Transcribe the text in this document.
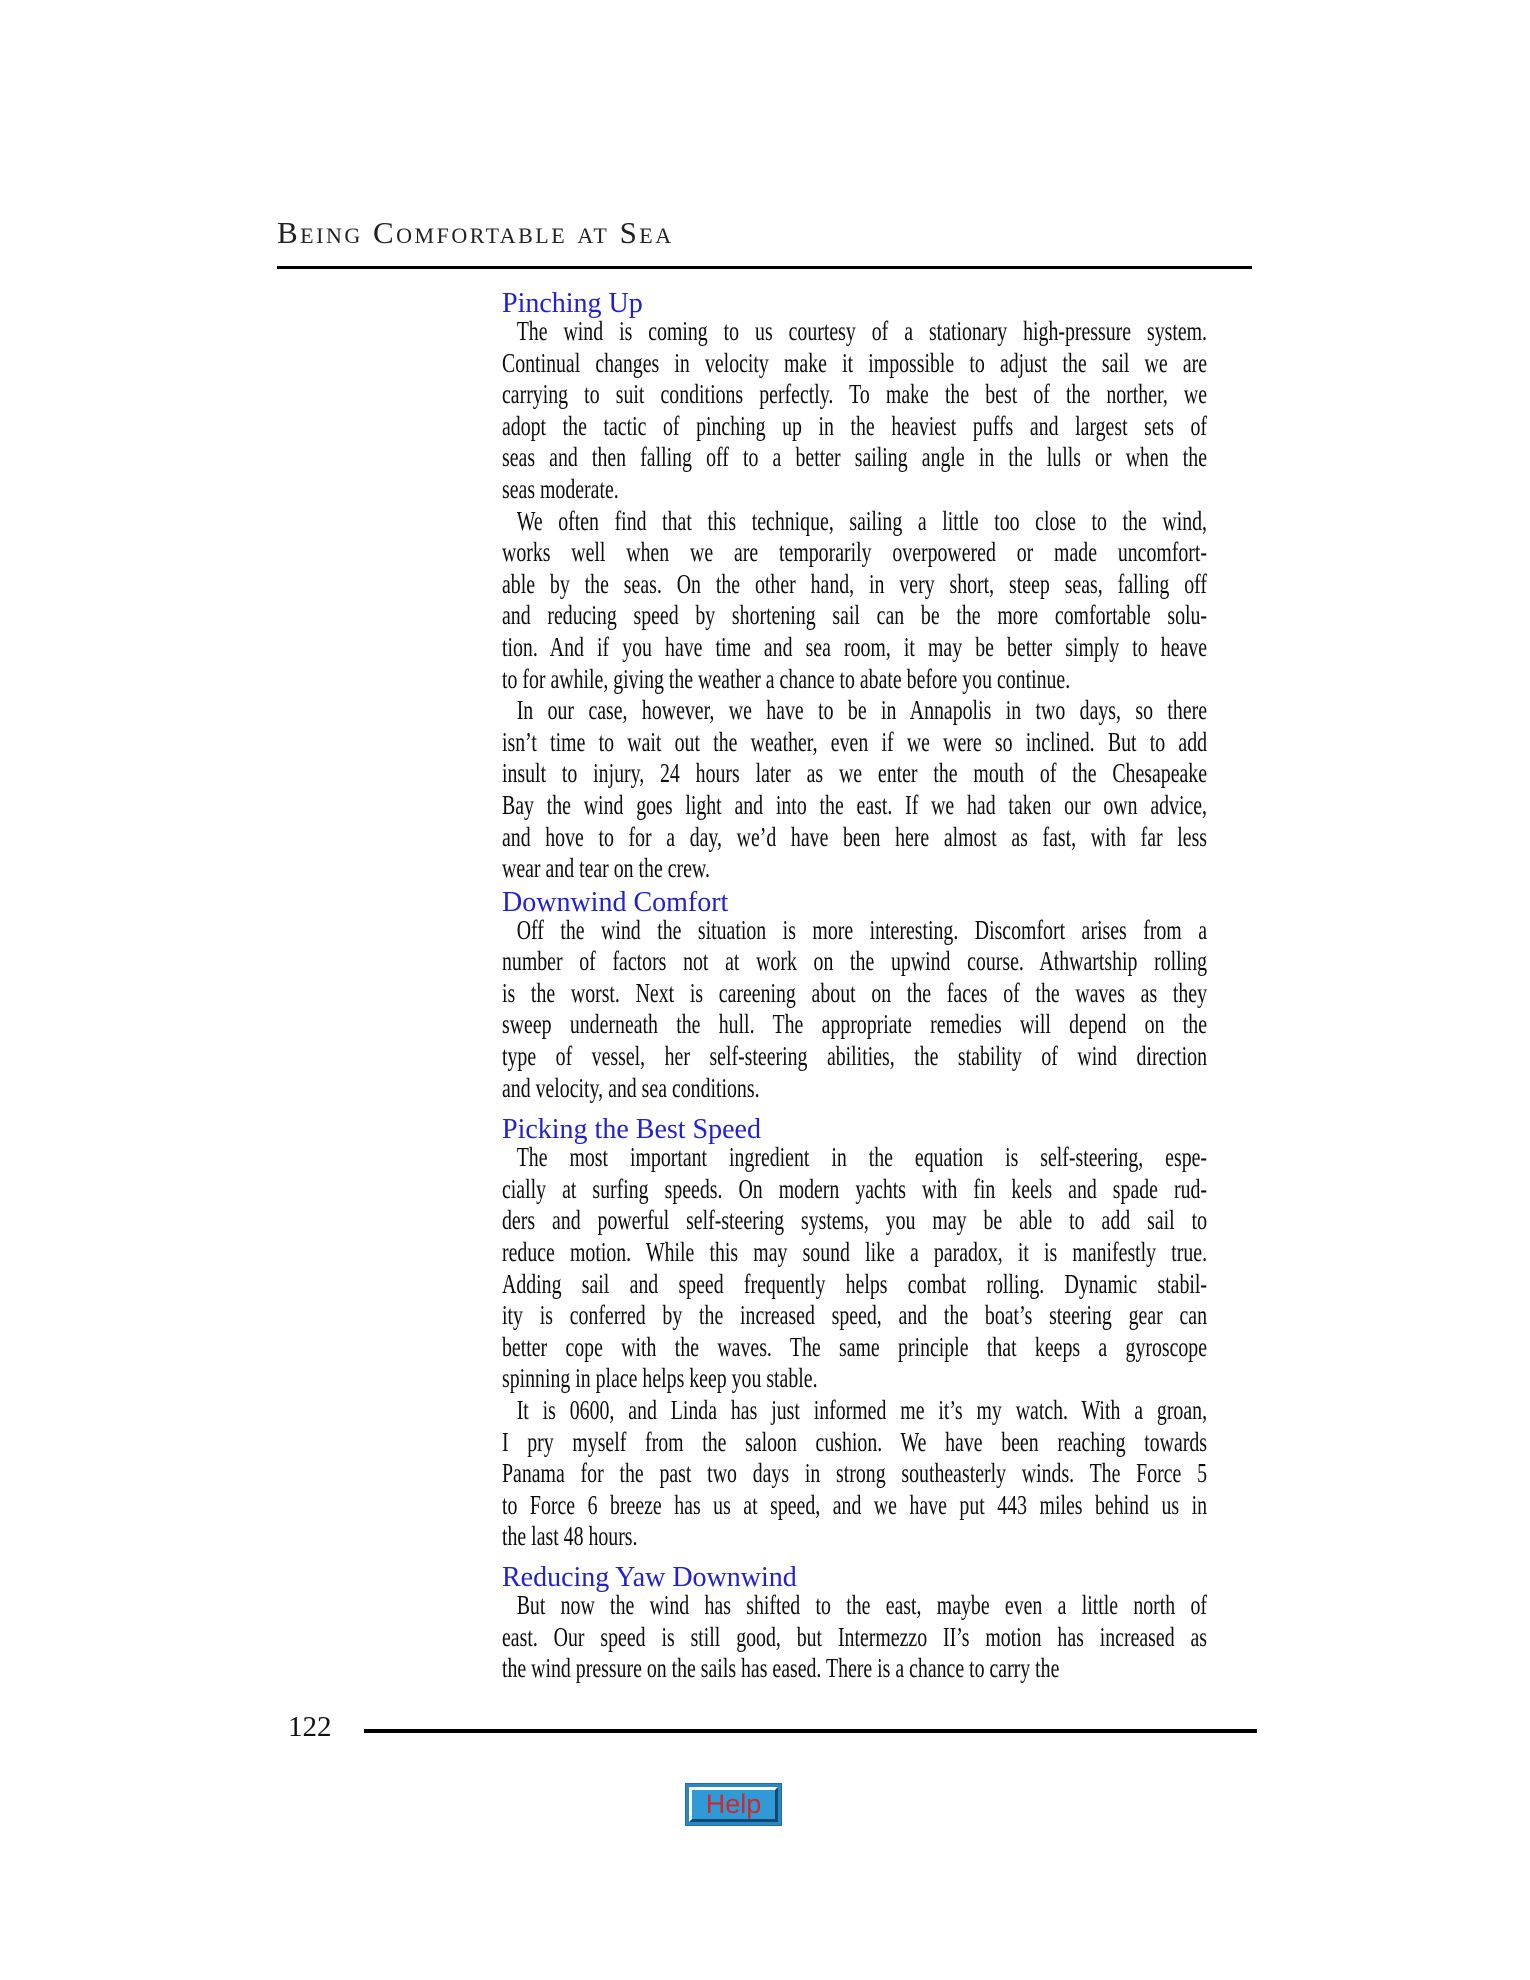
Being Comfortable at Sea
Pinching Up
The wind is coming to us courtesy of a stationary high-pressure system.
Continual changes in velocity make it impossible to adjust the sail we are
carrying to suit conditions perfectly. To make the best of the norther, we
adopt the tactic of pinching up in the heaviest puffs and largest sets of
seas and then falling off to a better sailing angle in the lulls or when the
seas moderate.
We often find that this technique, sailing a little too close to the wind,
works well when we are temporarily overpowered or made uncomfort-
able by the seas. On the other hand, in very short, steep seas, falling off
and reducing speed by shortening sail can be the more comfortable solu-
tion. And if you have time and sea room, it may be better simply to heave
to for awhile, giving the weather a chance to abate before you continue.
In our case, however, we have to be in Annapolis in two days, so there
isn’t time to wait out the weather, even if we were so inclined. But to add
insult to injury, 24 hours later as we enter the mouth of the Chesapeake
Bay the wind goes light and into the east. If we had taken our own advice,
and hove to for a day, we’d have been here almost as fast, with far less
wear and tear on the crew.
Downwind Comfort
Off the wind the situation is more interesting. Discomfort arises from a
number of factors not at work on the upwind course. Athwartship rolling
is the worst. Next is careening about on the faces of the waves as they
sweep underneath the hull. The appropriate remedies will depend on the
type of vessel, her self-steering abilities, the stability of wind direction
and velocity, and sea conditions.
Picking the Best Speed
The most important ingredient in the equation is self-steering, espe-
cially at surfing speeds. On modern yachts with fin keels and spade rud-
ders and powerful self-steering systems, you may be able to add sail to
reduce motion. While this may sound like a paradox, it is manifestly true.
Adding sail and speed frequently helps combat rolling. Dynamic stabil-
ity is conferred by the increased speed, and the boat’s steering gear can
better cope with the waves. The same principle that keeps a gyroscope
spinning in place helps keep you stable.
It is 0600, and Linda has just informed me it’s my watch. With a groan,
I pry myself from the saloon cushion. We have been reaching towards
Panama for the past two days in strong southeasterly winds. The Force 5
to Force 6 breeze has us at speed, and we have put 443 miles behind us in
the last 48 hours.
Reducing Yaw Downwind
But now the wind has shifted to the east, maybe even a little north of
east. Our speed is still good, but Intermezzo II’s motion has increased as
the wind pressure on the sails has eased. There is a chance to carry the
122
Help
